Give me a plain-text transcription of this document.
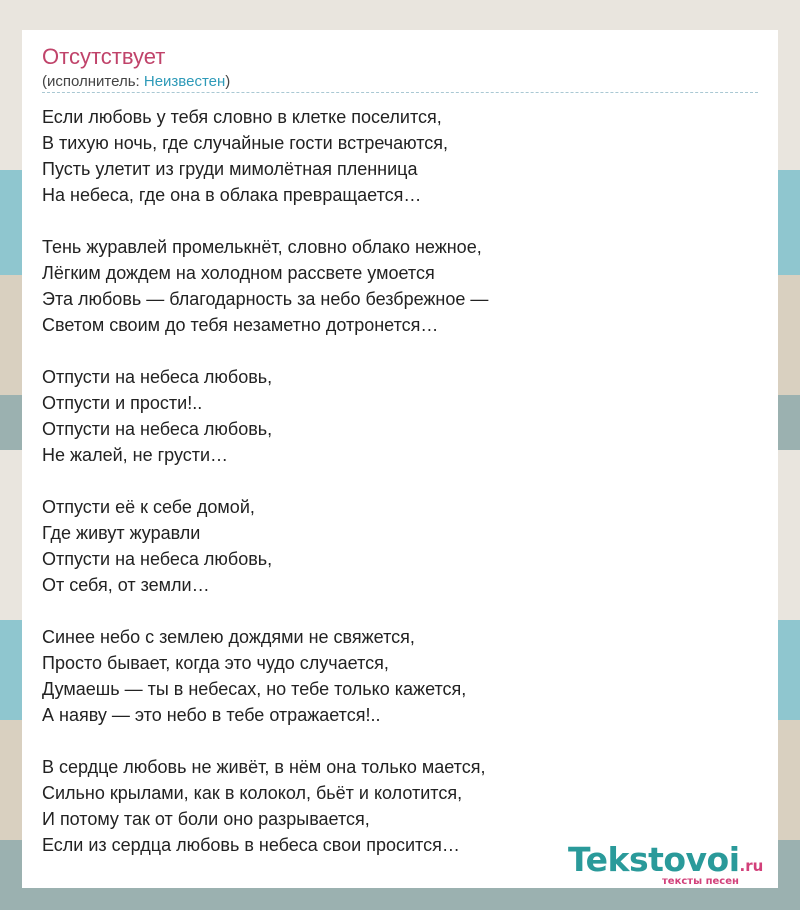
Отсутствует
(исполнитель: Неизвестен)
Если любовь у тебя словно в клетке поселится,
В тихую ночь, где случайные гости встречаются,
Пусть улетит из груди мимолётная пленница
На небеса, где она в облака превращается…
Тень журавлей промелькнёт, словно облако нежное,
Лёгким дождем на холодном рассвете умоется
Эта любовь — благодарность за небо безбрежное —
Светом своим до тебя незаметно дотронется…
Отпусти на небеса любовь,
Отпусти и прости!..
Отпусти на небеса любовь,
Не жалей, не грусти…
Отпусти её к себе домой,
Где живут журавли
Отпусти на небеса любовь,
От себя, от земли…
Синее небо с землею дождями не свяжется,
Просто бывает, когда это чудо случается,
Думаешь — ты в небесах, но тебе только кажется,
А наяву — это небо в тебе отражается!..
В сердце любовь не живёт, в нём она только мается,
Сильно крылами, как в колокол, бьёт и колотится,
И потому так от боли оно разрывается,
Если из сердца любовь в небеса свои просится…	Tekstovoi.ru
тексты песен
